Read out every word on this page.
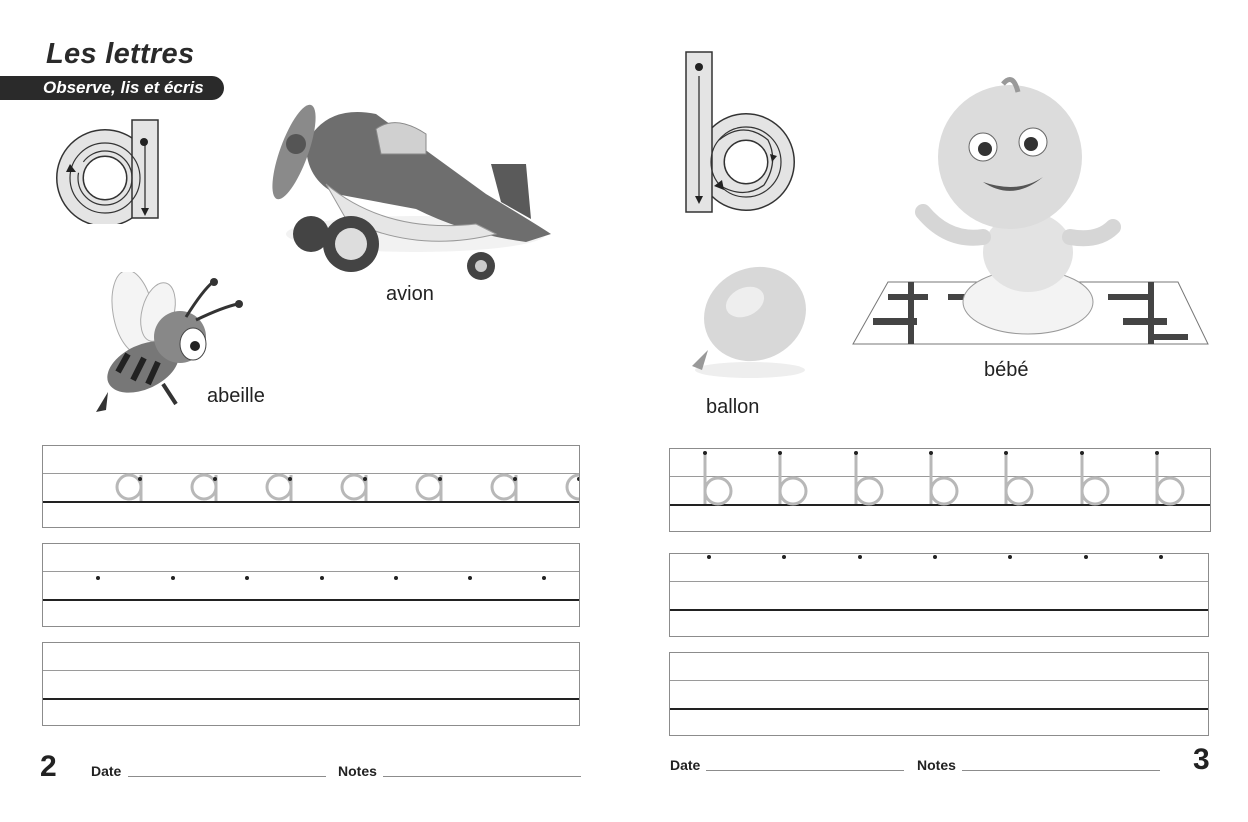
Les lettres
Observe, lis et écris
avion
abeille
2 Date	Notes
bébé
ballon
Date	Notes	3
